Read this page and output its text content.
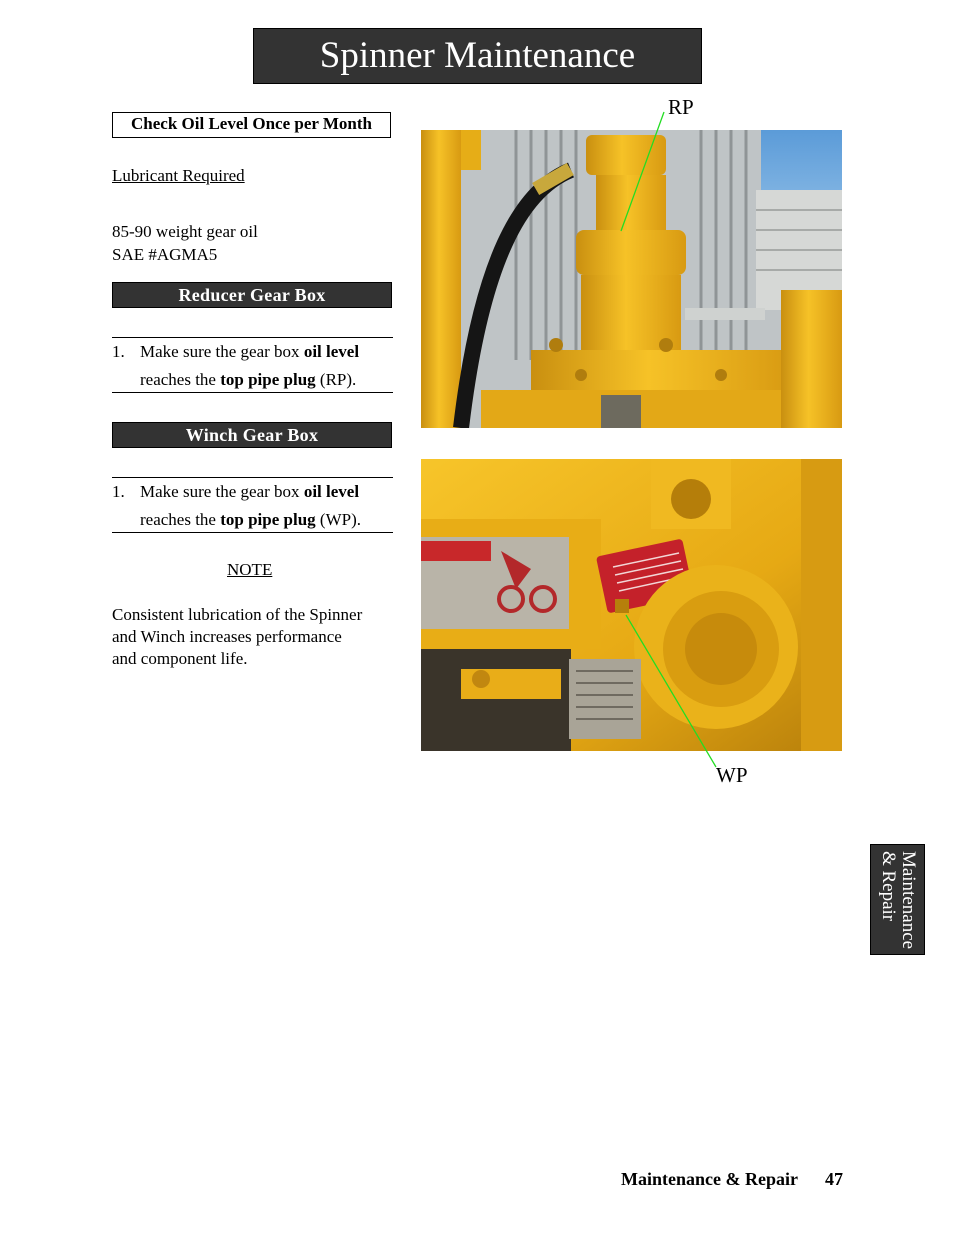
Spinner Maintenance
Check Oil Level Once per Month
Lubricant Required
85-90 weight gear oil
SAE #AGMA5
Reducer Gear Box
1. Make sure the gear box oil level
reaches the top pipe plug (RP).
Winch Gear Box
1. Make sure the gear box oil level
reaches the top pipe plug (WP).
NOTE
Consistent lubrication of the Spinner
and Winch increases performance
and component life.
RP
WP
Maintenance
& Repair
Maintenance & Repair 47
